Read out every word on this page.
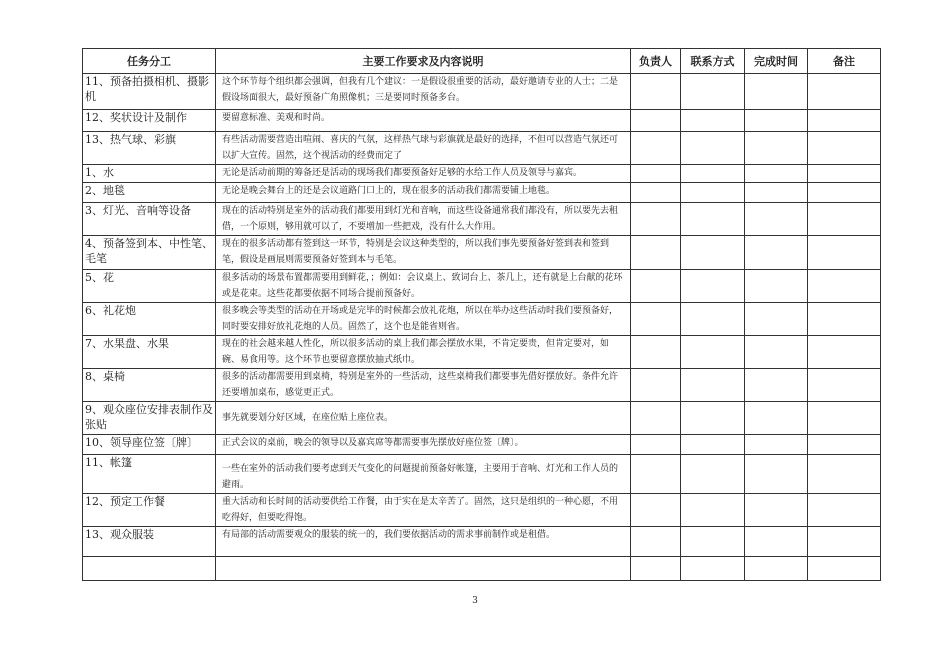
任务分工	主要工作要求及内容说明	负责人	联系方式	完成时间	备注
11、预备拍摄相机、摄影机	这个环节每个组织都会强调，但我有几个建议：一是假设很重要的活动，最好邀请专业的人士；二是假设场面很大，最好预备广角照像机；三是要同时预备多台。				
12、奖状设计及制作	要留意标准、美观和时尚。				
13、热气球、彩旗	有些活动需要营造出喧闹、喜庆的气氛，这样热气球与彩旗就是最好的选择，不但可以营造气氛还可以扩大宣传。固然，这个视活动的经费而定了				
1、水	无论是活动前期的筹备还是活动的现场我们都要预备好足够的水给工作人员及领导与嘉宾。				
2、地毯	无论是晚会舞台上的还是会议道路门口上的，现在很多的活动我们都需要铺上地毯。				
3、灯光、音响等设备	现在的活动特别是室外的活动我们都要用到灯光和音响，而这些设备通常我们都没有，所以要先去租借，一个原则，够用就可以了，不要增加一些把戏，没有什么大作用。				
4、预备签到本、中性笔、毛笔	现在的很多活动都有签到这一环节，特别是会议这种类型的，所以我们事先要预备好签到表和签到笔，假设是画展则需要预备好签到本与毛笔。				
5、花	很多活动的场景布置都需要用到鲜花，；例如：会议桌上、致词台上、茶几上，还有就是上台献的花环或是花束。这些花都要依据不同场合提前预备好。				
6、礼花炮	很多晚会等类型的活动在开场或是完毕的时候都会放礼花炮，所以在举办这些活动时我们要预备好，同时要安排好放礼花炮的人员。固然了，这个也是能省则省。				
7、水果盘、水果	现在的社会越来越人性化，所以很多活动的桌上我们都会摆放水果，不肯定要贵，但肯定要对，如碗、易食用等。这个环节也要留意摆放抽式纸巾。				
8、桌椅	很多的活动都需要用到桌椅，特别是室外的一些活动，这些桌椅我们都要事先借好摆放好。条件允许还要增加桌布，感觉更正式。				
9、观众座位安排表制作及张贴	事先就要划分好区域，在座位贴上座位表。				
10、领导座位签〔牌〕	正式会议的桌前，晚会的领导以及嘉宾席等都需要事先摆放好座位签〔牌〕。				
11、帐篷	一些在室外的活动我们要考虑到天气变化的问题提前预备好帐篷，主要用于音响、灯光和工作人员的避雨。				
12、预定工作餐	重大活动和长时间的活动要供给工作餐，由于实在是太辛苦了。固然，这只是组织的一种心愿，不用吃得好，但要吃得饱。				
13、观众服装	有局部的活动需要观众的服装的统一的，我们要依据活动的需求事前制作或是租借。				

3
